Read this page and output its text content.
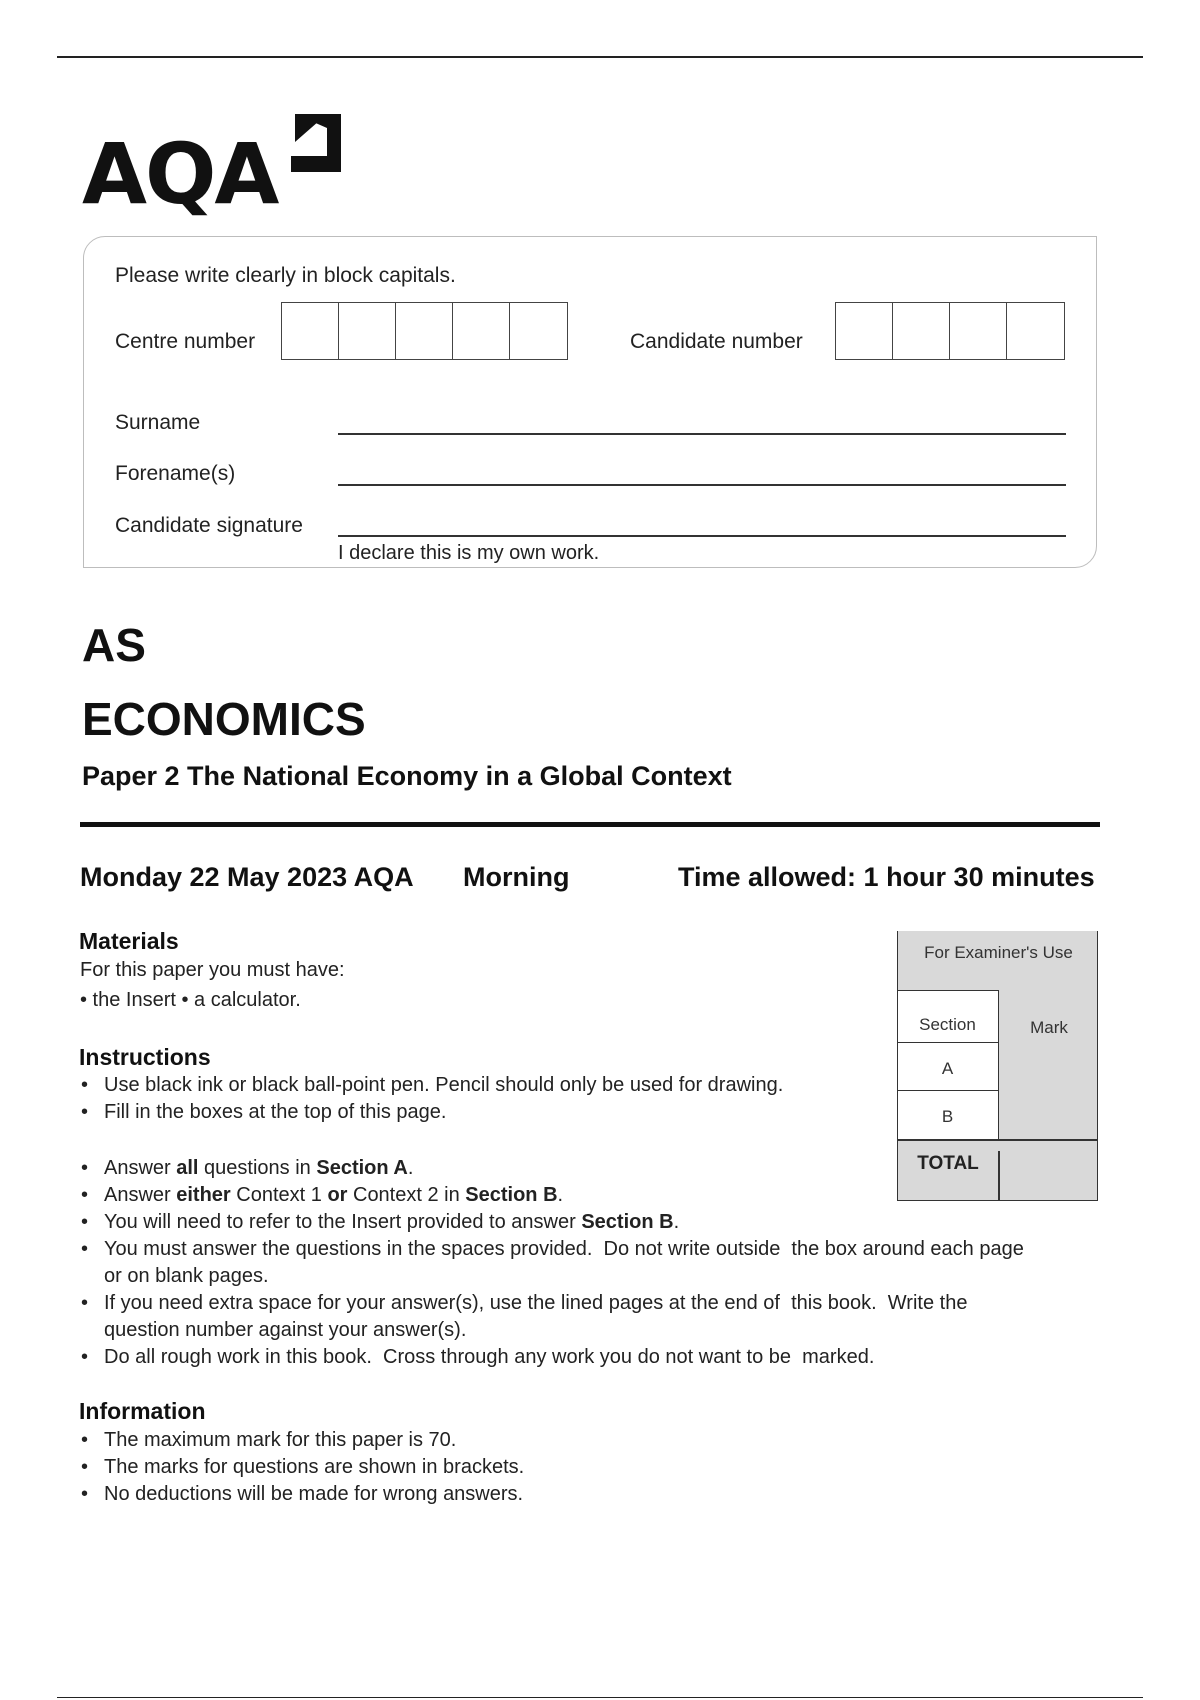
AQA
Please write clearly in block capitals.
Centre number	Candidate number
Surname
Forename(s)
Candidate signature
I declare this is my own work.
AS
ECONOMICS
Paper 2 The National Economy in a Global Context
Monday 22 May 2023 AQA Morning	Time allowed: 1 hour 30 minutes
Materials
For this paper you must have:
• the Insert • a calculator.
Instructions
• Use black ink or black ball-point pen. Pencil should only be used for drawing.
• Fill in the boxes at the top of this page.
• Answer all questions in Section A.
• Answer either Context 1 or Context 2 in Section B.
• You will need to refer to the Insert provided to answer Section B.
• You must answer the questions in the spaces provided.  Do not write outside  the box around each page or on blank pages.
• If you need extra space for your answer(s), use the lined pages at the end of  this book.  Write the question number against your answer(s).
• Do all rough work in this book.  Cross through any work you do not want to be  marked.
Information
• The maximum mark for this paper is 70.
• The marks for questions are shown in brackets.
• No deductions will be made for wrong answers.
For Examiner's Use
Section	Mark
A
B
TOTAL
